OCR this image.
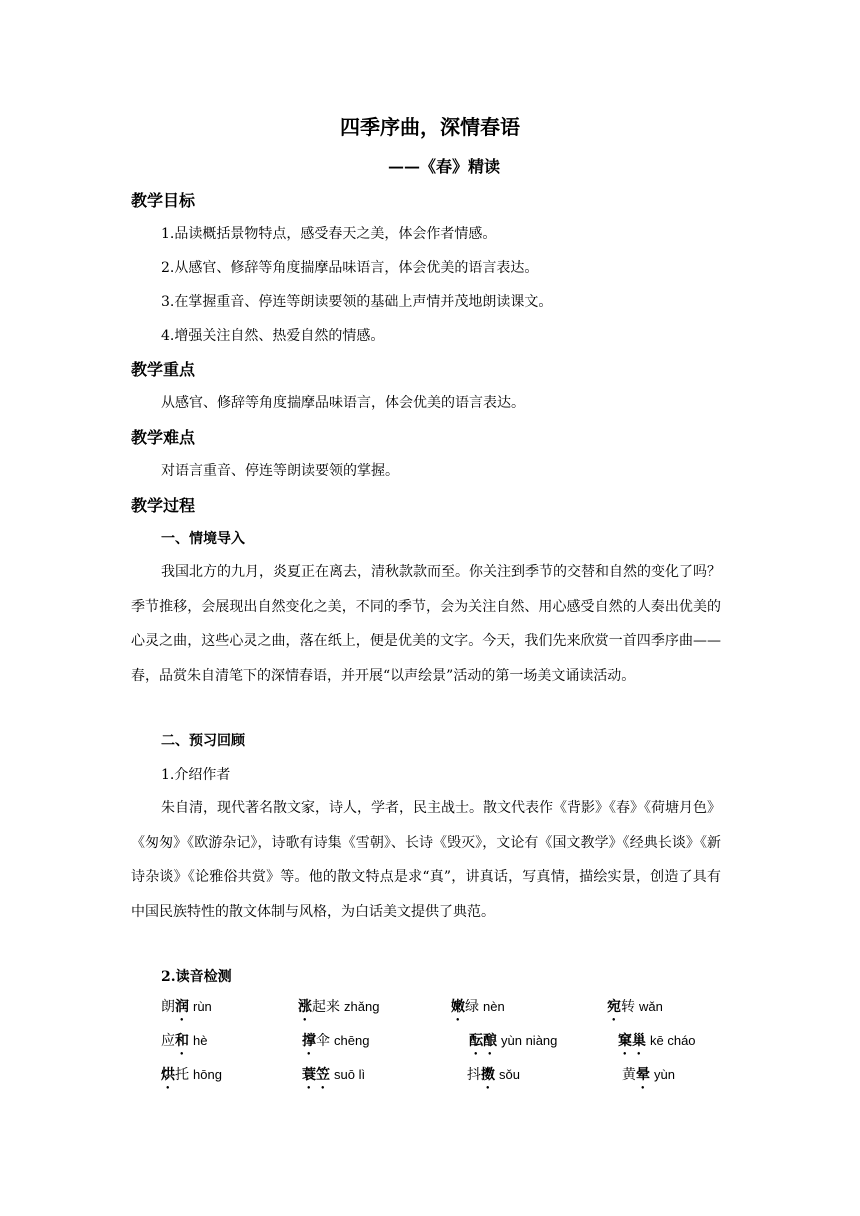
四季序曲，深情春语
——《春》精读
教学目标
1.品读概括景物特点，感受春天之美，体会作者情感。
2.从感官、修辞等角度揣摩品味语言，体会优美的语言表达。
3.在掌握重音、停连等朗读要领的基础上声情并茂地朗读课文。
4.增强关注自然、热爱自然的情感。
教学重点
从感官、修辞等角度揣摩品味语言，体会优美的语言表达。
教学难点
对语言重音、停连等朗读要领的掌握。
教学过程
一、情境导入
我国北方的九月，炎夏正在离去，清秋款款而至。你关注到季节的交替和自然的变化了吗？季节推移，会展现出自然变化之美，不同的季节，会为关注自然、用心感受自然的人奏出优美的心灵之曲，这些心灵之曲，落在纸上，便是优美的文字。今天，我们先来欣赏一首四季序曲——春，品赏朱自清笔下的深情春语，并开展“以声绘景”活动的第一场美文诵读活动。
二、预习回顾
1.介绍作者
朱自清，现代著名散文家，诗人，学者，民主战士。散文代表作《背影》《春》《荷塘月色》《匆匆》《欧游杂记》，诗歌有诗集《雪朝》、长诗《毁灭》，文论有《国文教学》《经典长谈》《新诗杂谈》《论雅俗共赏》等。他的散文特点是求“真”，讲真话，写真情，描绘实景，创造了具有中国民族特性的散文体制与风格，为白话美文提供了典范。
2.读音检测
朗润 rùn	涨起来 zhǎng	嫩绿 nèn	宛转 wǎn
应和 hè	撑伞 chēng	酝酿 yùn niàng	窠巢 kē cháo
烘托 hōng	蓑笠 suō lì	抖擞 sǒu	黄晕 yùn
